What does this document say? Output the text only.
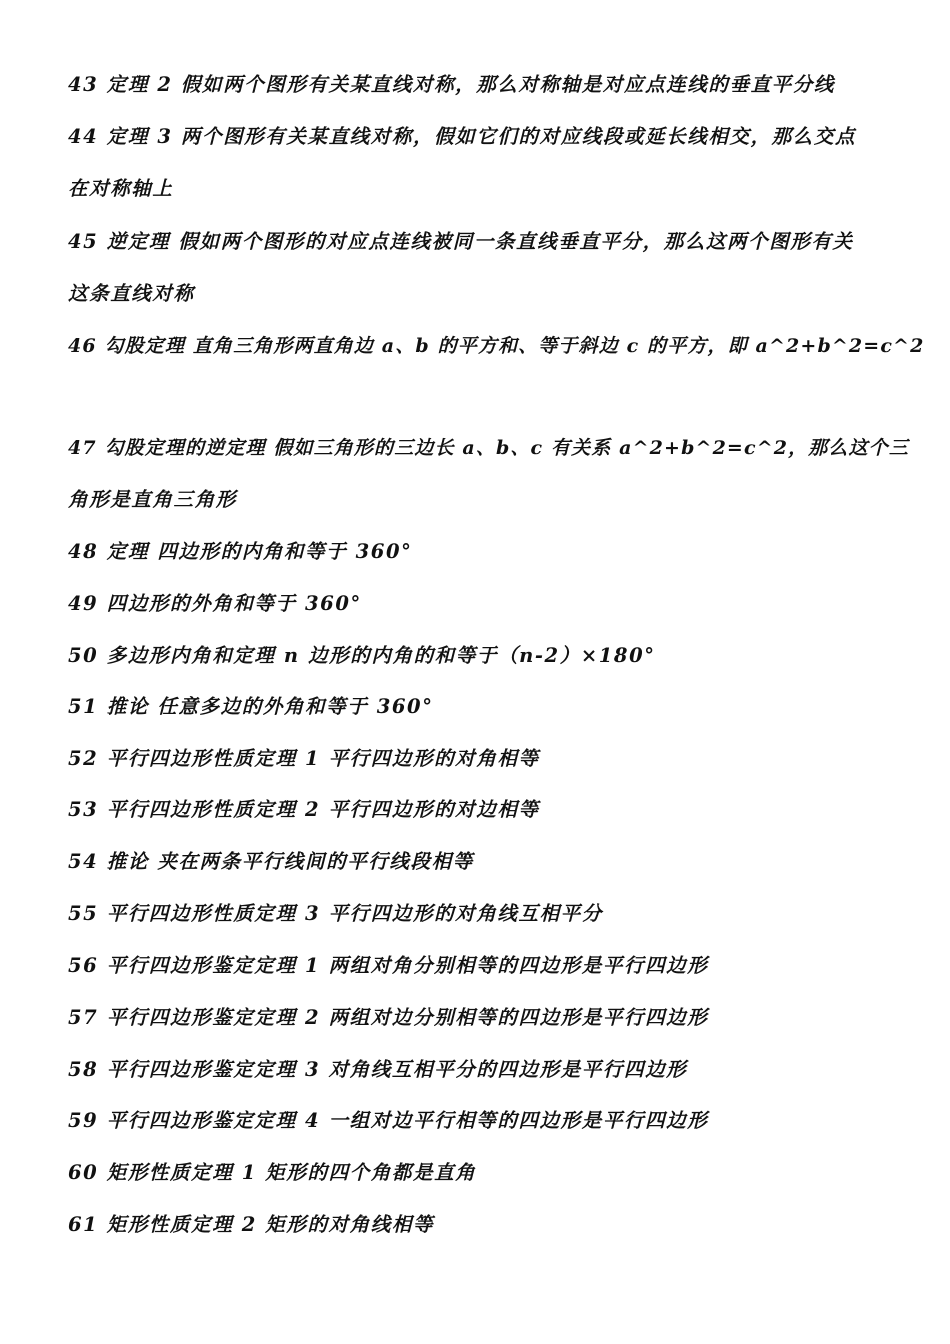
43 定理 2 假如两个图形有关某直线对称，那么对称轴是对应点连线的垂直平分线
44 定理 3 两个图形有关某直线对称，假如它们的对应线段或延长线相交，那么交点
在对称轴上
45 逆定理 假如两个图形的对应点连线被同一条直线垂直平分，那么这两个图形有关
这条直线对称
46 勾股定理 直角三角形两直角边 a、b 的平方和、等于斜边 c 的平方，即 a^2+b^2=c^2
47 勾股定理的逆定理 假如三角形的三边长 a、b、c 有关系 a^2+b^2=c^2，那么这个三
角形是直角三角形
48 定理 四边形的内角和等于 360°
49 四边形的外角和等于 360°
50 多边形内角和定理 n 边形的内角的和等于（n-2）×180°
51 推论 任意多边的外角和等于 360°
52 平行四边形性质定理 1 平行四边形的对角相等
53 平行四边形性质定理 2 平行四边形的对边相等
54 推论 夹在两条平行线间的平行线段相等
55 平行四边形性质定理 3 平行四边形的对角线互相平分
56 平行四边形鉴定定理 1 两组对角分别相等的四边形是平行四边形
57 平行四边形鉴定定理 2 两组对边分别相等的四边形是平行四边形
58 平行四边形鉴定定理 3 对角线互相平分的四边形是平行四边形
59 平行四边形鉴定定理 4 一组对边平行相等的四边形是平行四边形
60 矩形性质定理 1 矩形的四个角都是直角
61 矩形性质定理 2 矩形的对角线相等
